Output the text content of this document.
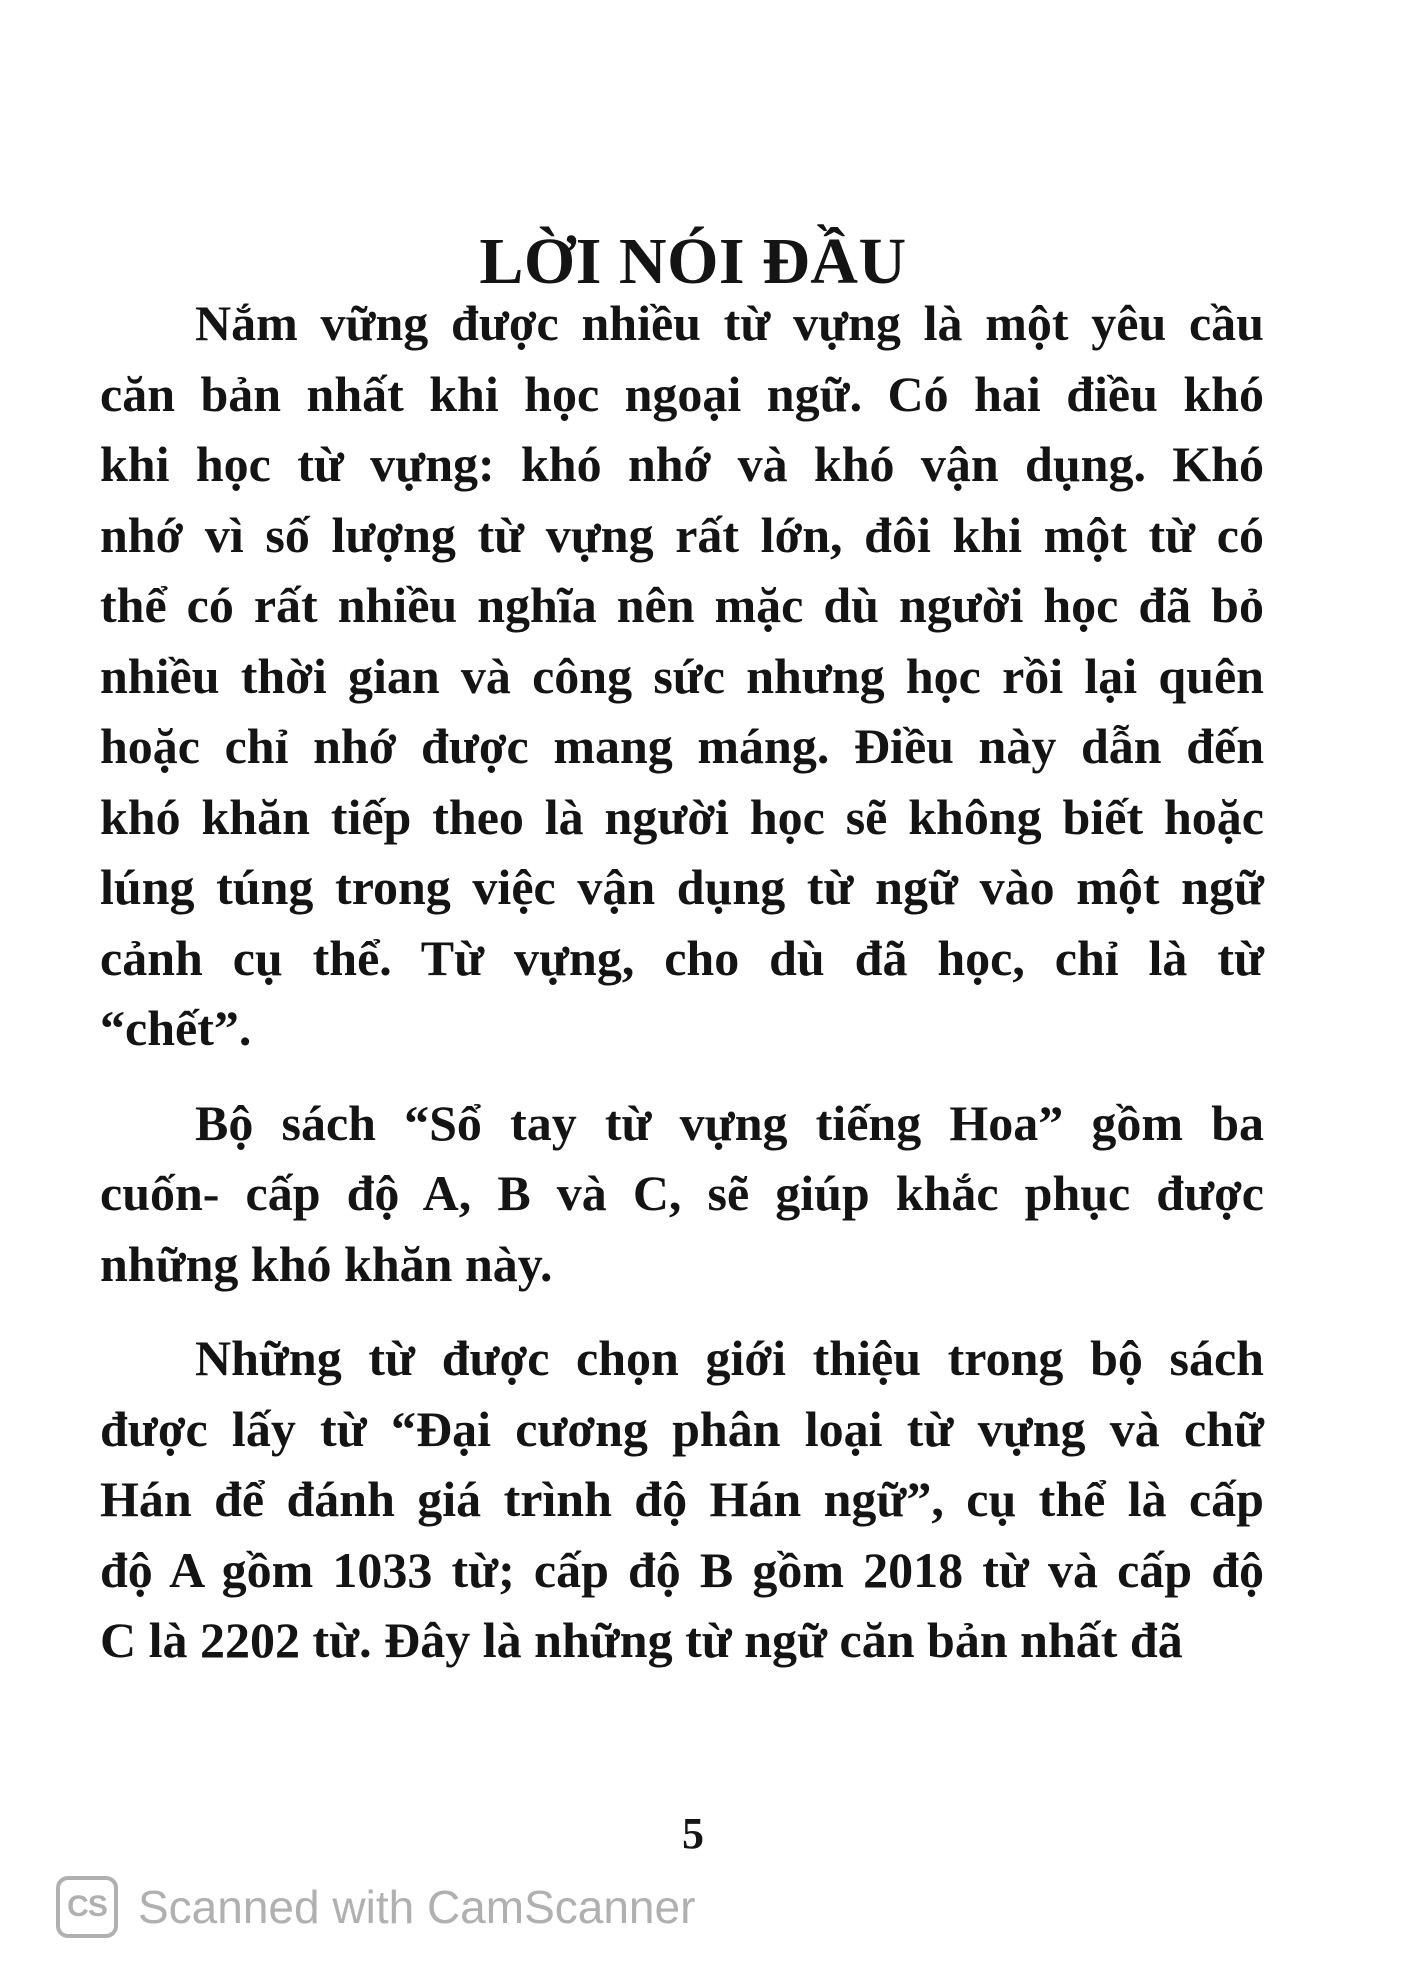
LỜI NÓI ĐẦU
Nắm vững được nhiều từ vựng là một yêu cầu
căn bản nhất khi học ngoại ngữ. Có hai điều khó
khi học từ vựng: khó nhớ và khó vận dụng. Khó
nhớ vì số lượng từ vựng rất lớn, đôi khi một từ có
thể có rất nhiều nghĩa nên mặc dù người học đã bỏ
nhiều thời gian và công sức nhưng học rồi lại quên
hoặc chỉ nhớ được mang máng. Điều này dẫn đến
khó khăn tiếp theo là người học sẽ không biết hoặc
lúng túng trong việc vận dụng từ ngữ vào một ngữ
cảnh cụ thể. Từ vựng, cho dù đã học, chỉ là từ
“chết”.
Bộ sách “Sổ tay từ vựng tiếng Hoa” gồm ba
cuốn- cấp độ A, B và C, sẽ giúp khắc phục được
những khó khăn này.
Những từ được chọn giới thiệu trong bộ sách
được lấy từ “Đại cương phân loại từ vựng và chữ
Hán để đánh giá trình độ Hán ngữ”, cụ thể là cấp
độ A gồm 1033 từ; cấp độ B gồm 2018 từ và cấp độ
C là 2202 từ. Đây là những từ ngữ căn bản nhất đã
5
CS Scanned with CamScanner
